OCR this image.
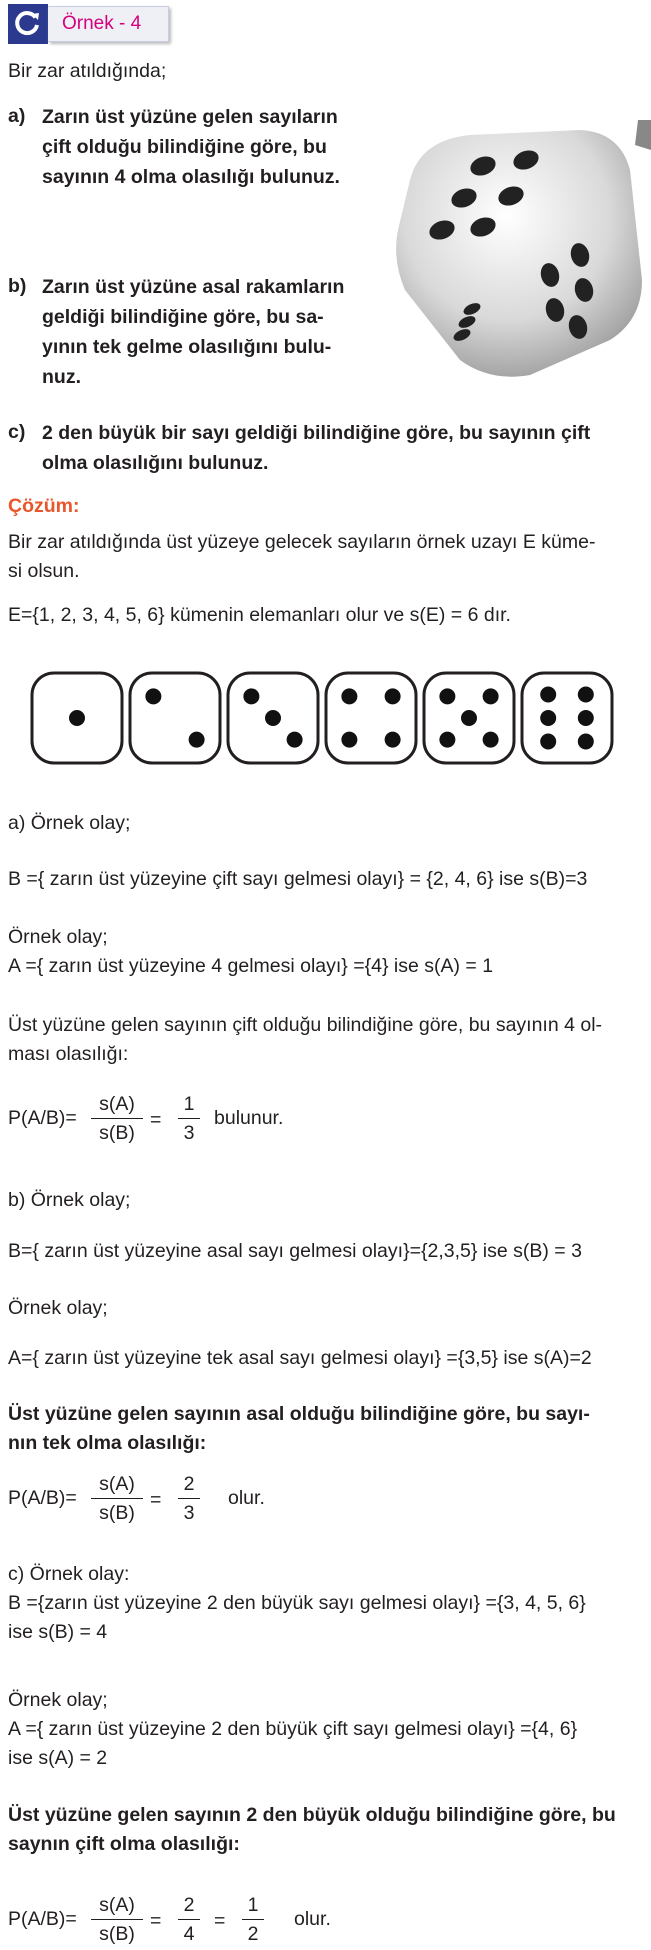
Örnek - 4
Bir zar atıldığında;
a) Zarın üst yüzüne gelen sayıların
çift olduğu bilindiğine göre, bu
sayının 4 olma olasılığı bulunuz.
b) Zarın üst yüzüne asal rakamların
geldiği bilindiğine göre, bu sa-
yının tek gelme olasılığını bulu-
nuz.
c) 2 den büyük bir sayı geldiği bilindiğine göre, bu sayının çift
olma olasılığını bulunuz.
Çözüm:
Bir zar atıldığında üst yüzeye gelecek sayıların örnek uzayı E küme-
si olsun.
E={1, 2, 3, 4, 5, 6} kümenin elemanları olur ve s(E) = 6 dır.
a) Örnek olay;
B ={ zarın üst yüzeyine çift sayı gelmesi olayı} = {2, 4, 6} ise s(B)=3
Örnek olay;
A ={ zarın üst yüzeyine 4 gelmesi olayı} ={4} ise s(A) = 1
Üst yüzüne gelen sayının çift olduğu bilindiğine göre, bu sayının 4 ol-
ması olasılığı:
$P(A/B)= \frac{s(A)}{s(B)} = \frac{1}{3}$ bulunur.
b) Örnek olay;
B={ zarın üst yüzeyine asal sayı gelmesi olayı}={2,3,5} ise s(B) = 3
Örnek olay;
A={ zarın üst yüzeyine tek asal sayı gelmesi olayı} ={3,5} ise s(A)=2
Üst yüzüne gelen sayının asal olduğu bilindiğine göre, bu sayı-
nın tek olma olasılığı:
$P(A/B)= \frac{s(A)}{s(B)} = \frac{2}{3}$ olur.
c) Örnek olay:
B ={zarın üst yüzeyine 2 den büyük sayı gelmesi olayı} ={3, 4, 5, 6}
ise s(B) = 4
Örnek olay;
A ={ zarın üst yüzeyine 2 den büyük çift sayı gelmesi olayı} ={4, 6}
ise s(A) = 2
Üst yüzüne gelen sayının 2 den büyük olduğu bilindiğine göre, bu
saynın çift olma olasılığı:
$P(A/B)= \frac{s(A)}{s(B)} = \frac{2}{4} = \frac{1}{2}$ olur.
